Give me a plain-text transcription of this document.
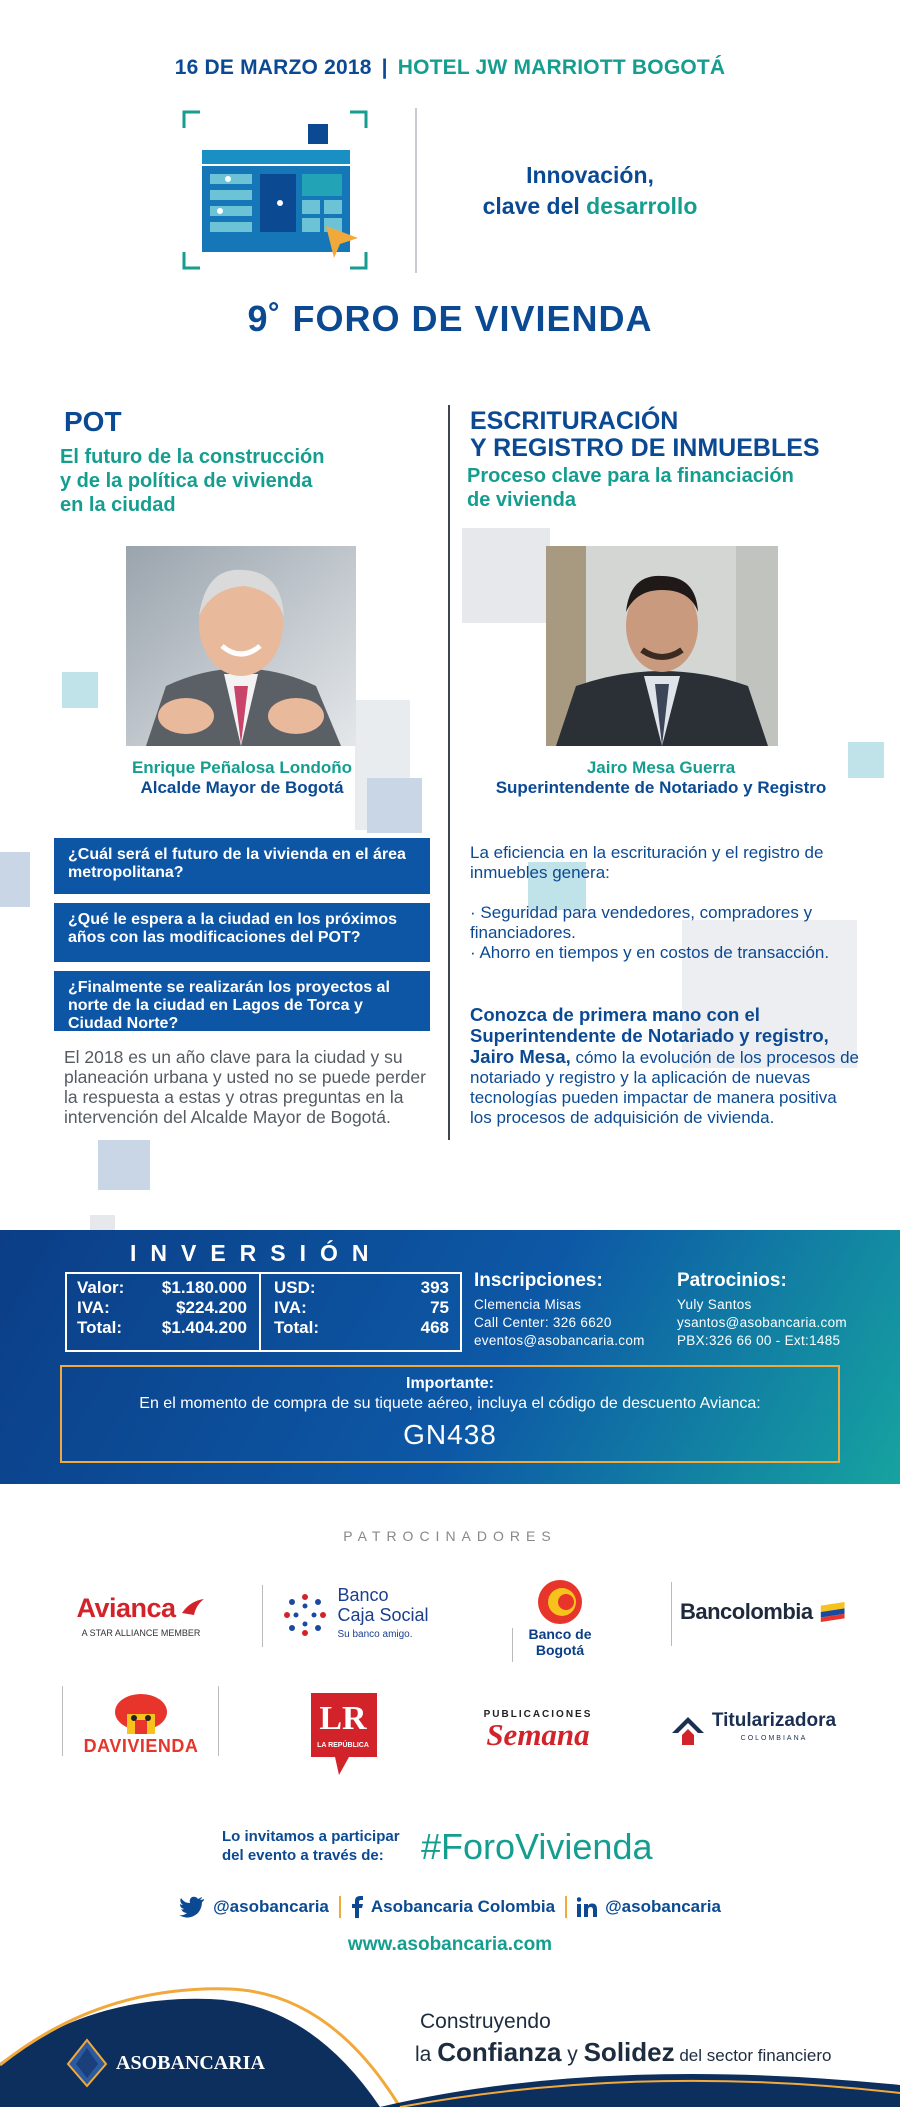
16 DE MARZO 2018 | HOTEL JW MARRIOTT BOGOTÁ
Innovación,
clave del desarrollo
9˚ FORO DE VIVIENDA
POT
El futuro de la construcción
y de la política de vivienda
en la ciudad
Enrique Peñalosa Londoño
Alcalde Mayor de Bogotá
¿Cuál será el futuro de la vivienda en el área metropolitana?
¿Qué le espera a la ciudad en los próximos años con las modificaciones del POT?
¿Finalmente se realizarán los proyectos al norte de la ciudad en Lagos de Torca y Ciudad Norte?
El 2018 es un año clave para la ciudad y su planeación urbana y usted no se puede perder la respuesta a estas y otras preguntas en la intervención del Alcalde Mayor de Bogotá.
ESCRITURACIÓN
Y REGISTRO DE INMUEBLES
Proceso clave para la financiación
de vivienda
Jairo Mesa Guerra
Superintendente de Notariado y Registro
La eficiencia en la escrituración y el registro de inmuebles genera:
· Seguridad para vendedores, compradores y financiadores.
· Ahorro en tiempos y en costos de transacción.
Conozca de primera mano con el Superintendente de Notariado y registro, Jairo Mesa, cómo la evolución de los procesos de notariado y registro y la aplicación de nuevas tecnologías pueden impactar de manera positiva los procesos de adquisición de vivienda.
INVERSIÓN
Valor:	$1.180.000
IVA:	$224.200
Total:	$1.404.200
USD:	393
IVA:	75
Total:	468
Inscripciones:
Clemencia Misas
Call Center: 326 6620
eventos@asobancaria.com
Patrocinios:
Yuly Santos
ysantos@asobancaria.com
PBX:326 66 00 - Ext:1485
Importante:
En el momento de compra de su tiquete aéreo, incluya el código de descuento Avianca:
GN438
PATROCINADORES
Avianca
A STAR ALLIANCE MEMBER
Banco
Caja Social
Su banco amigo.	Banco de
Bogotá
Bancolombia
DAVIVIENDA
LR
LA REPÚBLICA
PUBLICACIONES
Semana	Titularizadora
COLOMBIANA
Lo invitamos a participar del evento a través de:	#ForoVivienda
@asobancaria Asobancaria Colombia	@asobancaria
www.asobancaria.com
ASOBANCARIA
Construyendo
la Confianza y Solidez del sector financiero
